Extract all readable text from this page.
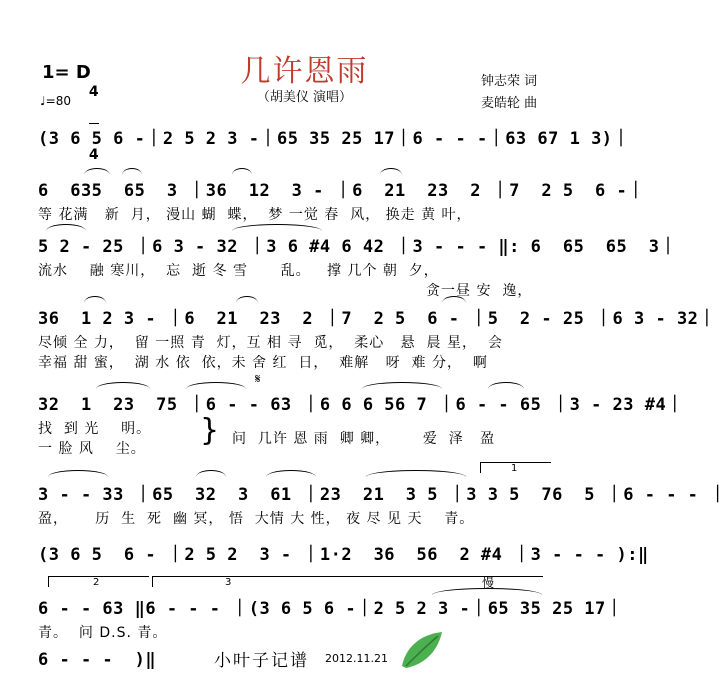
几许恩雨
（胡美仪 演唱）
1= D

4

4

♩=80
钟志荣 词
麦皓轮 曲
(3 6 5 6 -｜2 5 2 3 -｜65 35 25 17｜6 - - -｜63 67 1 3)｜
6  635  65  3 ｜36  12  3 - ｜6  21  23  2 ｜7  2 5  6 -｜
等 花满   新  月， 漫山 蝴  蝶，  梦 一觉 春  风， 换走 黄 叶，
5 2 - 25 ｜6 3 - 32 ｜3 6 #4 6 42 ｜3 - - - ‖: 6  65  65  3｜
流水    融 寒川，  忘  逝 冬 雪      乱。   撑 几个 朝  夕，
贪一昼 安  逸，
36  1 2 3 - ｜6  21  23  2 ｜7  2 5  6 - ｜5  2 - 25 ｜6 3 - 32｜
尽倾 全 力，  留 一照 青  灯，互 相 寻  觅，  柔心   悬  晨 星，  会
幸福 甜 蜜，  湖 水 依  依，未 舍 红  日，  难解   呀  难 分，  啊
𝄋
32  1  23  75 ｜6 - - 63 ｜6 6 6 56 7 ｜6 - - 65 ｜3 - 23 #4｜
找  到 光    明。
一 脸 风    尘。
} 问  几许 恩 雨  卿 卿，      爱  泽   盈
1
3 - - 33 ｜65  32  3  61 ｜23  21  3 5 ｜3 3 5  76  5 ｜6 - - - ｜
盈，     历  生  死  幽 冥， 悟  大情 大 性， 夜 尽 见 天    青。
(3 6 5  6 - ｜2 5 2  3 - ｜1·2  36  56  2 #4 ｜3 - - - ):‖
2	3	慢
6 - - 63 ‖6 - - - ｜(3 6 5 6 -｜2 5 2 3 -｜65 35 25 17｜
青。  问 D.S. 青。
6 - - -  )‖	小叶子记谱 2012.11.21
